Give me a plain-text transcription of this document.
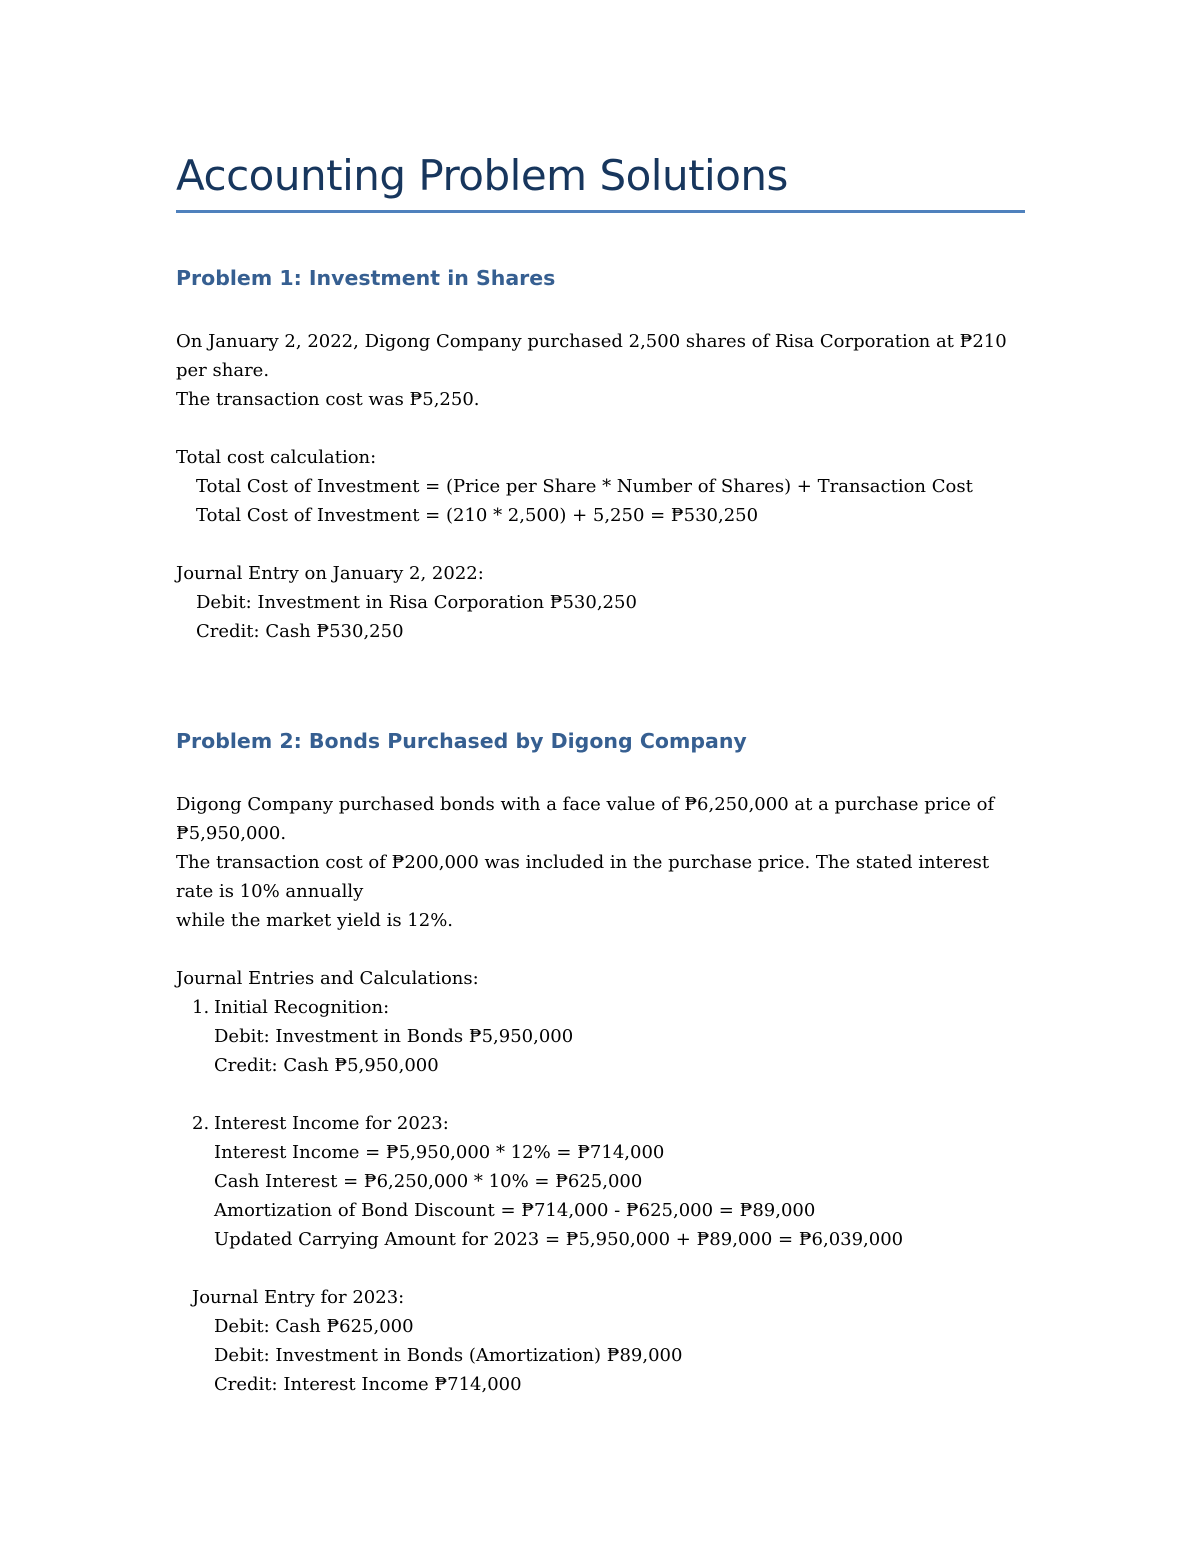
Accounting Problem Solutions
Problem 1: Investment in Shares

On January 2, 2022, Digong Company purchased 2,500 shares of Risa Corporation at ₱210

per share.

The transaction cost was ₱5,250.

Total cost calculation:

Total Cost of Investment = (Price per Share * Number of Shares) + Transaction Cost

Total Cost of Investment = (210 * 2,500) + 5,250 = ₱530,250

Journal Entry on January 2, 2022:

Debit: Investment in Risa Corporation ₱530,250

Credit: Cash ₱530,250

Problem 2: Bonds Purchased by Digong Company

Digong Company purchased bonds with a face value of ₱6,250,000 at a purchase price of

₱5,950,000.

The transaction cost of ₱200,000 was included in the purchase price. The stated interest

rate is 10% annually

while the market yield is 12%.

Journal Entries and Calculations:

1. Initial Recognition:

Debit: Investment in Bonds ₱5,950,000

Credit: Cash ₱5,950,000

2. Interest Income for 2023:

Interest Income = ₱5,950,000 * 12% = ₱714,000

Cash Interest = ₱6,250,000 * 10% = ₱625,000

Amortization of Bond Discount = ₱714,000 - ₱625,000 = ₱89,000

Updated Carrying Amount for 2023 = ₱5,950,000 + ₱89,000 = ₱6,039,000

Journal Entry for 2023:

Debit: Cash ₱625,000

Debit: Investment in Bonds (Amortization) ₱89,000

Credit: Interest Income ₱714,000
